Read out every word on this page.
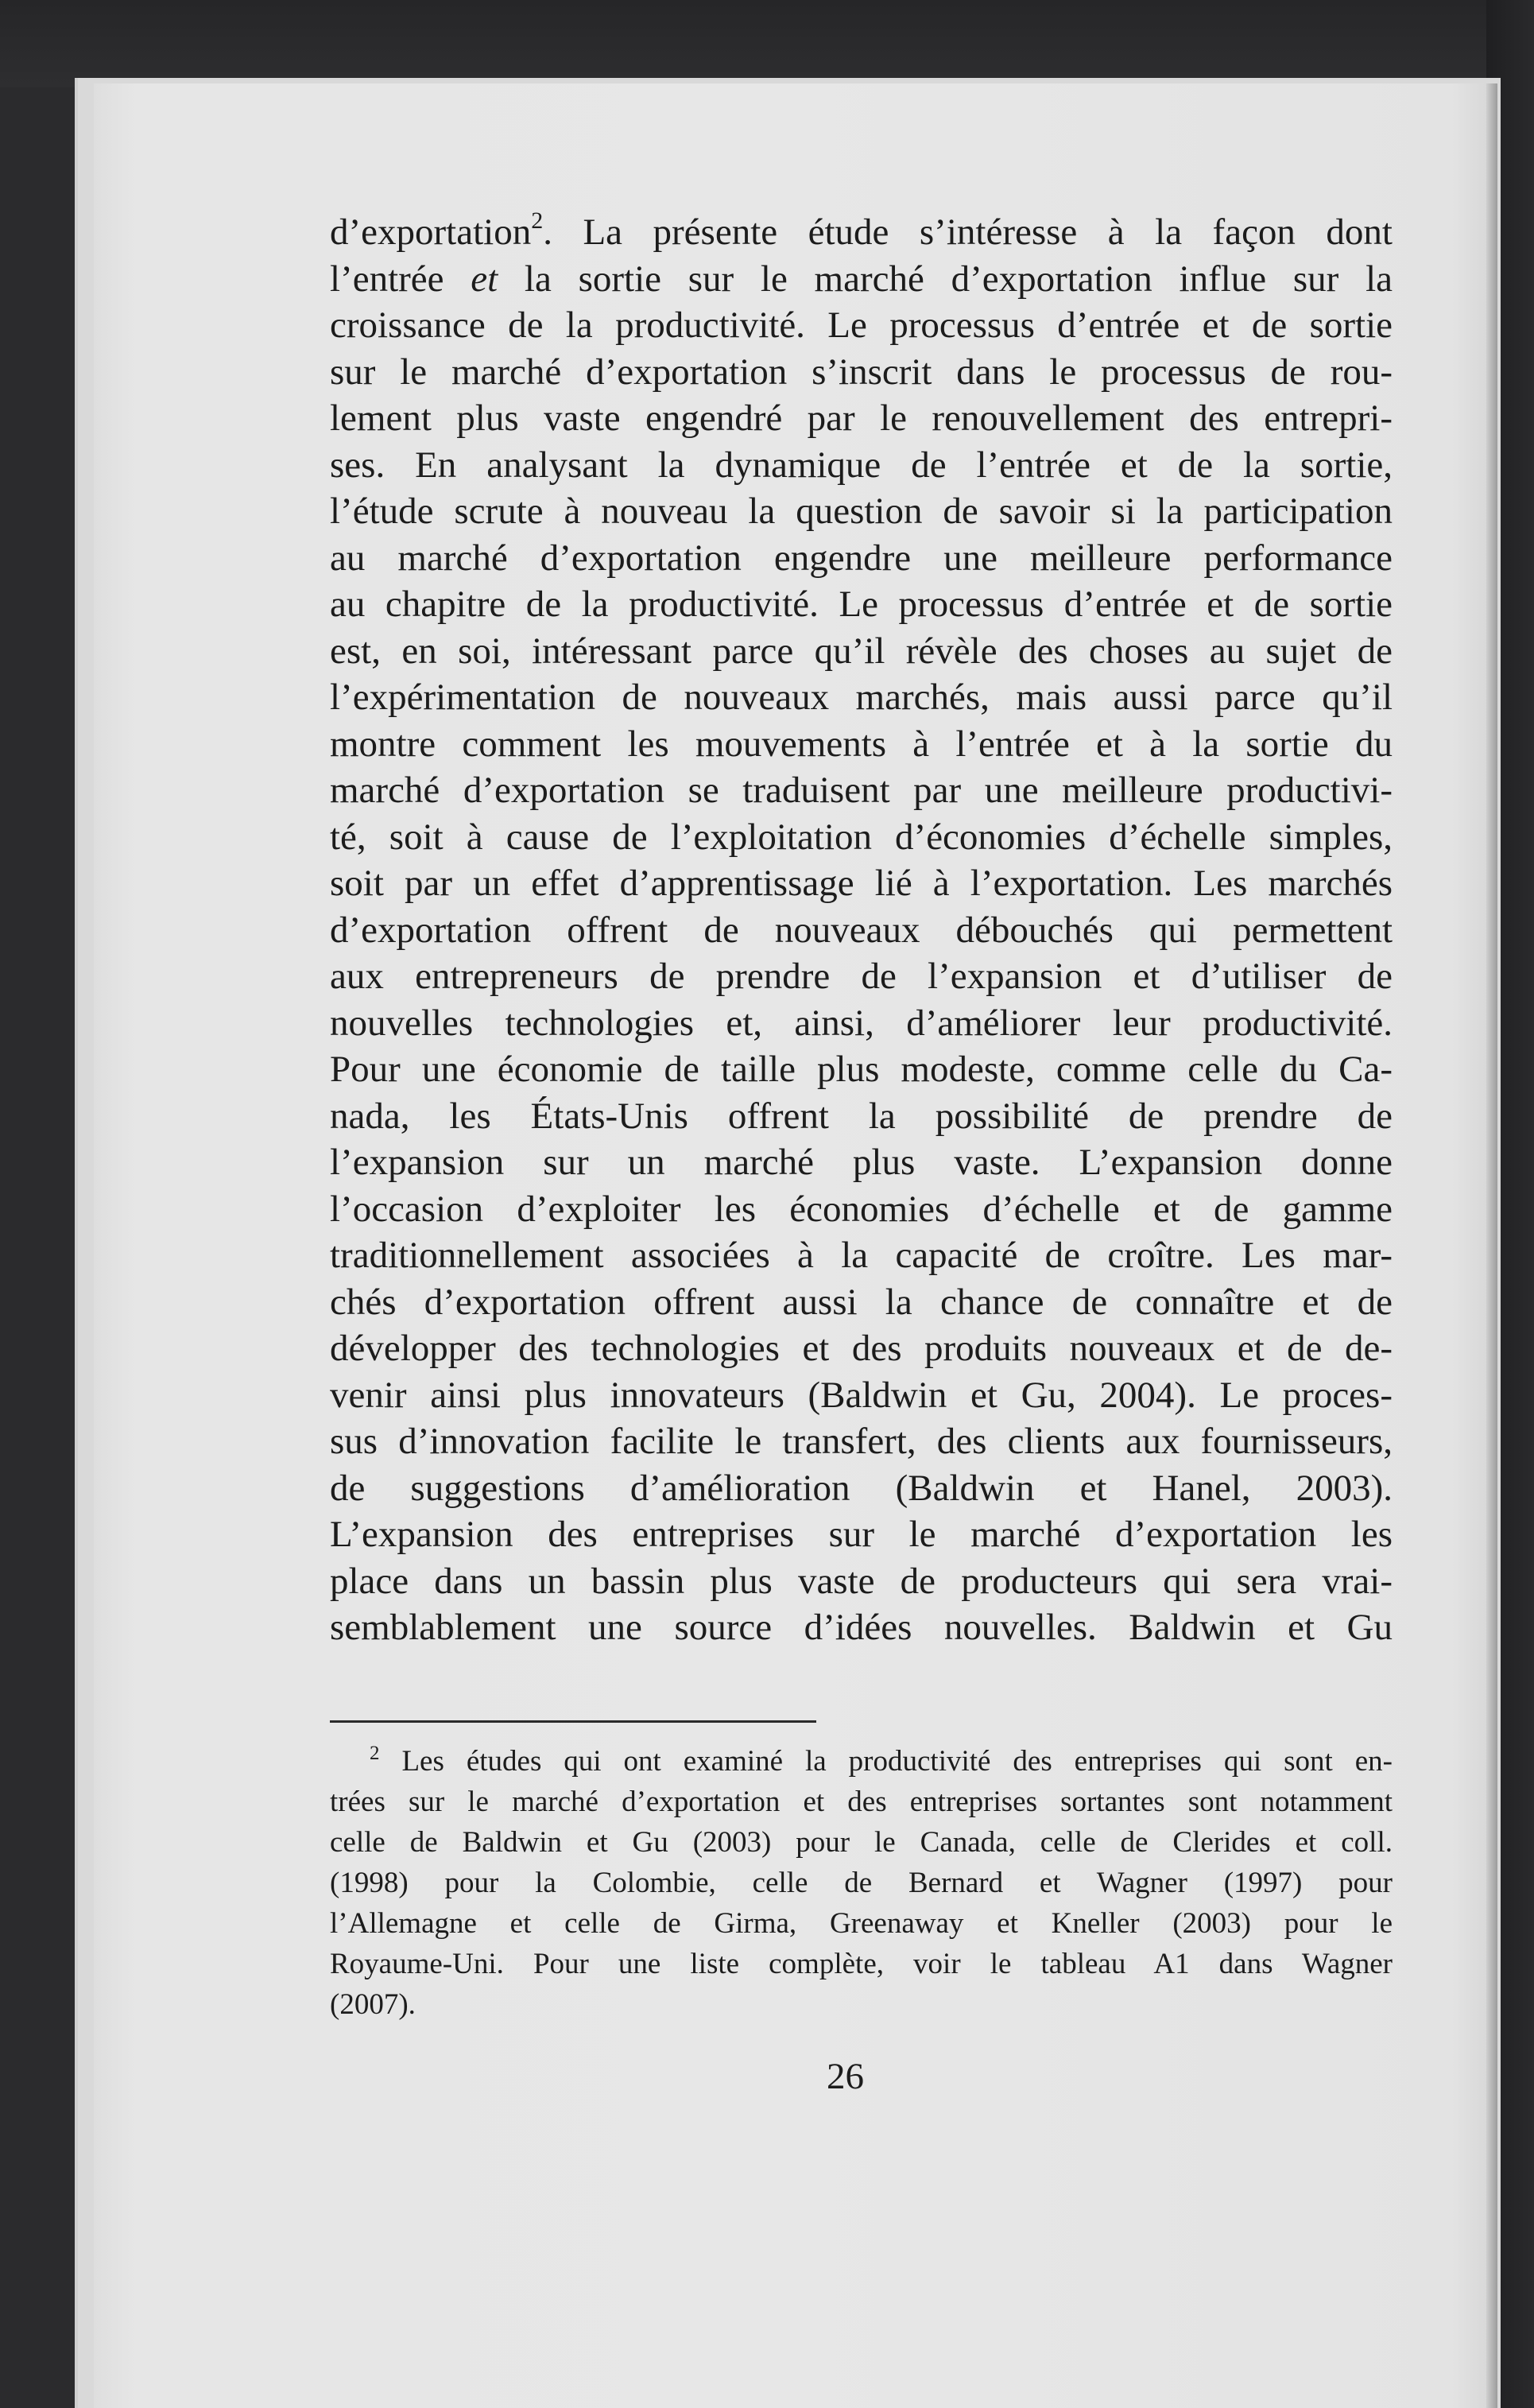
d’exportation$^2$. La présente étude s’intéresse à la façon dont
l’entrée et la sortie sur le marché d’exportation influe sur la
croissance de la productivité. Le processus d’entrée et de sortie
sur le marché d’exportation s’inscrit dans le processus de rou-
lement plus vaste engendré par le renouvellement des entrepri-
ses. En analysant la dynamique de l’entrée et de la sortie,
l’étude scrute à nouveau la question de savoir si la participation
au marché d’exportation engendre une meilleure performance
au chapitre de la productivité. Le processus d’entrée et de sortie
est, en soi, intéressant parce qu’il révèle des choses au sujet de
l’expérimentation de nouveaux marchés, mais aussi parce qu’il
montre comment les mouvements à l’entrée et à la sortie du
marché d’exportation se traduisent par une meilleure productivi-
té, soit à cause de l’exploitation d’économies d’échelle simples,
soit par un effet d’apprentissage lié à l’exportation. Les marchés
d’exportation offrent de nouveaux débouchés qui permettent
aux entrepreneurs de prendre de l’expansion et d’utiliser de
nouvelles technologies et, ainsi, d’améliorer leur productivité.
Pour une économie de taille plus modeste, comme celle du Ca-
nada, les États-Unis offrent la possibilité de prendre de
l’expansion sur un marché plus vaste. L’expansion donne
l’occasion d’exploiter les économies d’échelle et de gamme
traditionnellement associées à la capacité de croître. Les mar-
chés d’exportation offrent aussi la chance de connaître et de
développer des technologies et des produits nouveaux et de de-
venir ainsi plus innovateurs (Baldwin et Gu, 2004). Le proces-
sus d’innovation facilite le transfert, des clients aux fournisseurs,
de suggestions d’amélioration (Baldwin et Hanel, 2003).
L’expansion des entreprises sur le marché d’exportation les
place dans un bassin plus vaste de producteurs qui sera vrai-
semblablement une source d’idées nouvelles. Baldwin et Gu
$^2$ Les études qui ont examiné la productivité des entreprises qui sont en-
trées sur le marché d’exportation et des entreprises sortantes sont notamment
celle de Baldwin et Gu (2003) pour le Canada, celle de Clerides et coll.
(1998) pour la Colombie, celle de Bernard et Wagner (1997) pour
l’Allemagne et celle de Girma, Greenaway et Kneller (2003) pour le
Royaume-Uni. Pour une liste complète, voir le tableau A1 dans Wagner
(2007).
26
